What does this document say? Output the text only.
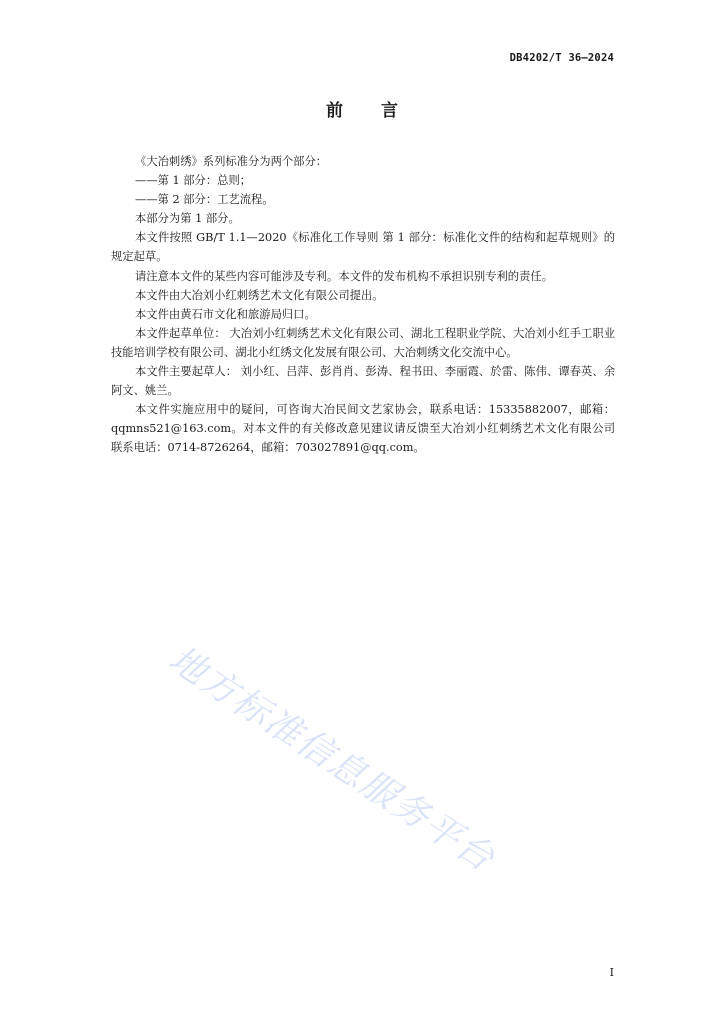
DB4202/T 36—2024
前言

《大冶刺绣》系列标准分为两个部分：

——第 1 部分：总则；

——第 2 部分：工艺流程。

本部分为第 1 部分。

本文件按照 GB/T 1.1—2020《标准化工作导则 第 1 部分：标准化文件的结构和起草规则》的规定起草。

请注意本文件的某些内容可能涉及专利。本文件的发布机构不承担识别专利的责任。

本文件由大冶刘小红刺绣艺术文化有限公司提出。

本文件由黄石市文化和旅游局归口。

本文件起草单位： 大冶刘小红刺绣艺术文化有限公司、湖北工程职业学院、大冶刘小红手工职业技能培训学校有限公司、湖北小红绣文化发展有限公司、大冶刺绣文化交流中心。

本文件主要起草人： 刘小红、吕萍、彭肖肖、彭涛、程书田、李丽霞、於雷、陈伟、谭春英、余阿文、姚兰。

本文件实施应用中的疑问，可咨询大冶民间文艺家协会，联系电话：15335882007，邮箱：qqmns521@163.com。对本文件的有关修改意见建议请反馈至大冶刘小红刺绣艺术文化有限公司联系电话：0714-8726264，邮箱：703027891@qq.com。

地方标准信息服务平台
I
